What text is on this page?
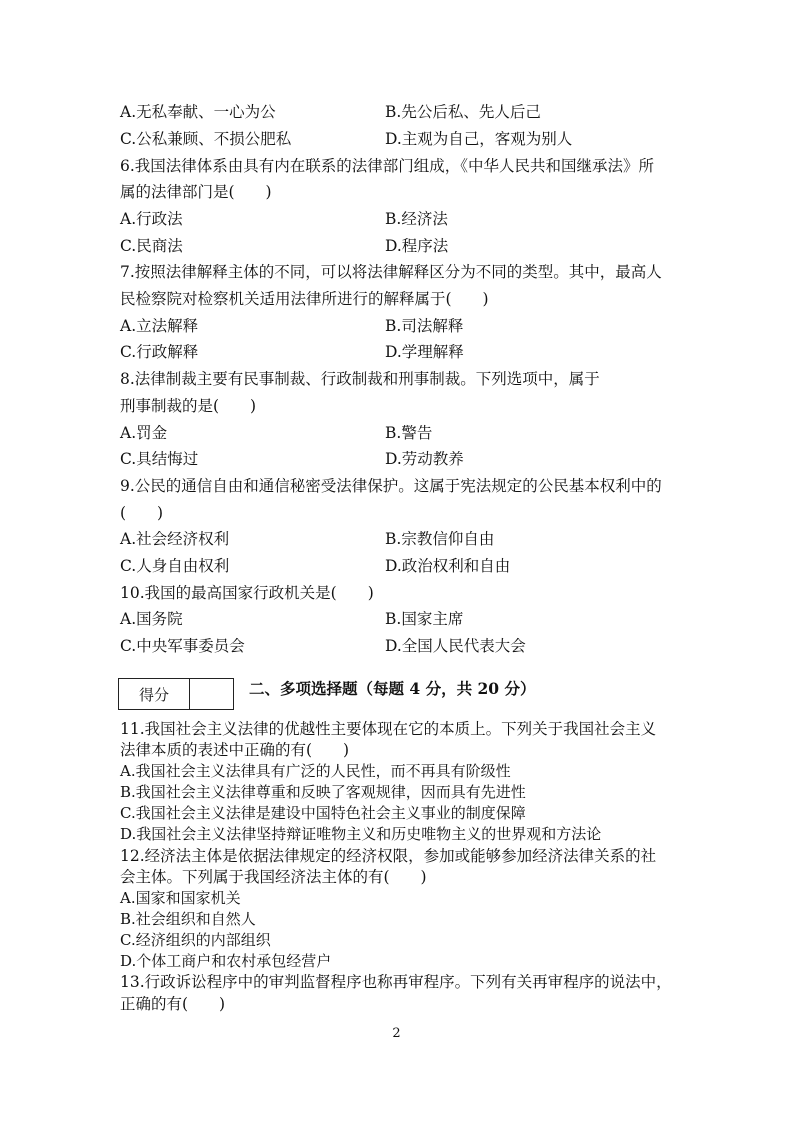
A.无私奉献、一心为公	B.先公后私、先人后己
C.公私兼顾、不损公肥私	D.主观为自己，客观为别人
6.我国法律体系由具有内在联系的法律部门组成，《中华人民共和国继承法》所
属的法律部门是(　　)
A.行政法	B.经济法
C.民商法	D.程序法
7.按照法律解释主体的不同，可以将法律解释区分为不同的类型。其中，最高人
民检察院对检察机关适用法律所进行的解释属于(　　)
A.立法解释	B.司法解释
C.行政解释	D.学理解释
8.法律制裁主要有民事制裁、行政制裁和刑事制裁。下列选项中，属于
刑事制裁的是(　　)
A.罚金	B.警告
C.具结悔过	D.劳动教养
9.公民的通信自由和通信秘密受法律保护。这属于宪法规定的公民基本权利中的
(　　)
A.社会经济权利	B.宗教信仰自由
C.人身自由权利	D.政治权利和自由
10.我国的最高国家行政机关是(　　)
A.国务院	B.国家主席
C.中央军事委员会	D.全国人民代表大会
得分	二、多项选择题（每题 4 分，共 20 分）
11.我国社会主义法律的优越性主要体现在它的本质上。下列关于我国社会主义
法律本质的表述中正确的有(　　)
A.我国社会主义法律具有广泛的人民性，而不再具有阶级性
B.我国社会主义法律尊重和反映了客观规律，因而具有先进性
C.我国社会主义法律是建设中国特色社会主义事业的制度保障
D.我国社会主义法律坚持辩证唯物主义和历史唯物主义的世界观和方法论
12.经济法主体是依据法律规定的经济权限，参加或能够参加经济法律关系的社
会主体。下列属于我国经济法主体的有(　　)
A.国家和国家机关
B.社会组织和自然人
C.经济组织的内部组织
D.个体工商户和农村承包经营户
13.行政诉讼程序中的审判监督程序也称再审程序。下列有关再审程序的说法中，
正确的有(　　)
2
